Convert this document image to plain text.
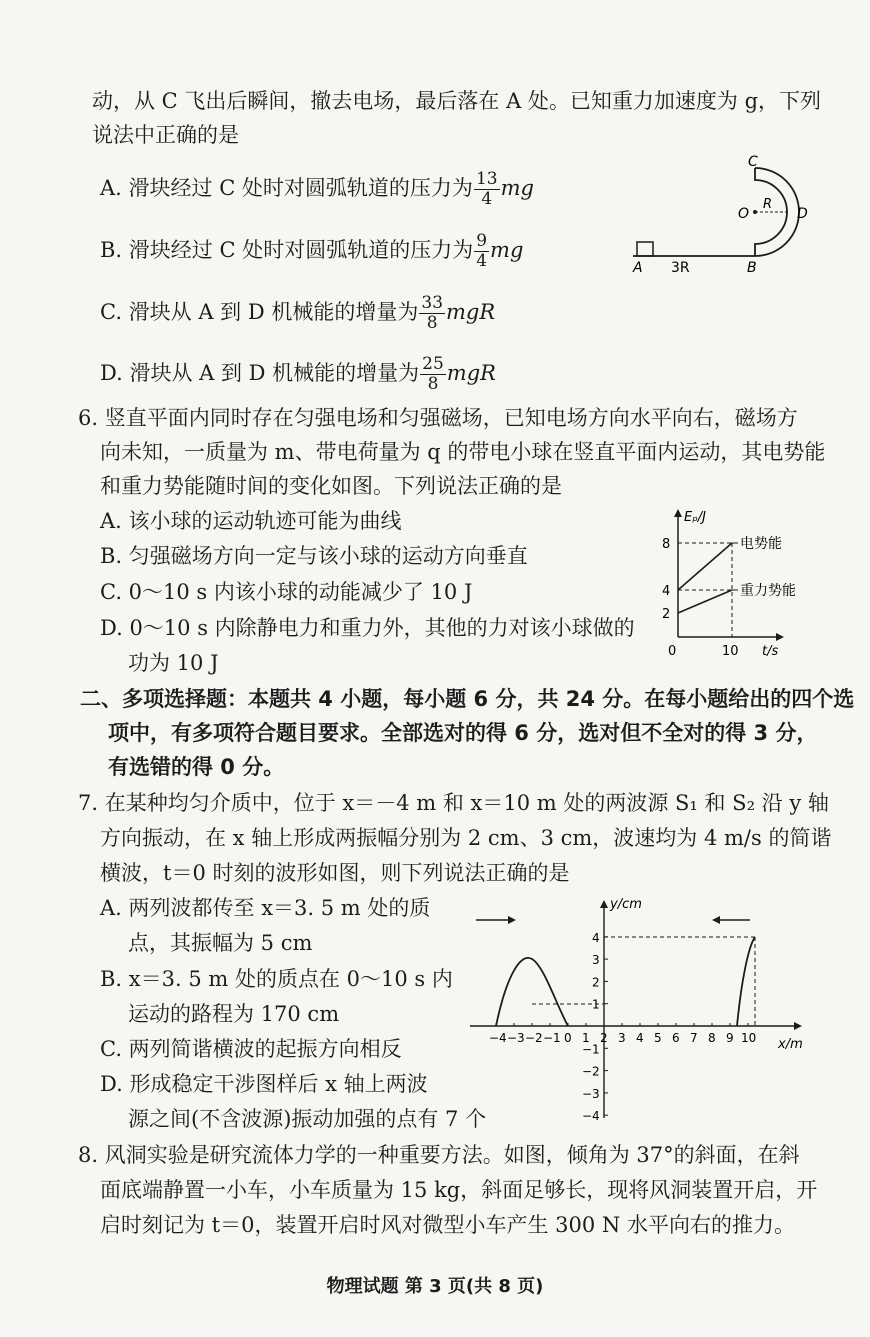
动，从 C 飞出后瞬间，撤去电场，最后落在 A 处。已知重力加速度为 g，下列
说法中正确的是
A. 滑块经过 C 处时对圆弧轨道的压力为 $\frac{13}{4}$ mg
B. 滑块经过 C 处时对圆弧轨道的压力为 $\frac{9}{4}$ mg
C. 滑块从 A 到 D 机械能的增量为 $\frac{33}{8}$ mgR
D. 滑块从 A 到 D 机械能的增量为 $\frac{25}{8}$ mgR
C
O
R
D
A	B
3R
6. 竖直平面内同时存在匀强电场和匀强磁场，已知电场方向水平向右，磁场方
向未知，一质量为 m、带电荷量为 q 的带电小球在竖直平面内运动，其电势能
和重力势能随时间的变化如图。下列说法正确的是
A. 该小球的运动轨迹可能为曲线
B. 匀强磁场方向一定与该小球的运动方向垂直
C. 0～10 s 内该小球的动能减少了 10 J
D. 0～10 s 内除静电力和重力外，其他的力对该小球做的
功为 10 J
Eₚ/J
t/s
8
4
2
0	10
电势能
重力势能
二、多项选择题：本题共 4 小题，每小题 6 分，共 24 分。在每小题给出的四个选
项中，有多项符合题目要求。全部选对的得 6 分，选对但不全对的得 3 分，
有选错的得 0 分。
7. 在某种均匀介质中，位于 x＝－4 m 和 x＝10 m 处的两波源 S₁ 和 S₂ 沿 y 轴
方向振动，在 x 轴上形成两振幅分别为 2 cm、3 cm，波速均为 4 m/s 的简谐
横波，t＝0 时刻的波形如图，则下列说法正确的是
A. 两列波都传至 x＝3. 5 m 处的质
点，其振幅为 5 cm
B. x＝3. 5 m 处的质点在 0～10 s 内
运动的路程为 170 cm
C. 两列简谐横波的起振方向相反
D. 形成稳定干涉图样后 x 轴上两波
源之间(不含波源)振动加强的点有 7 个
−4 −3 −2 −1 0 1 2 3 4 5 6 7 8 9 10
4
3
2
1
−1
−2
−3
−4
y/cm
x/m
8. 风洞实验是研究流体力学的一种重要方法。如图，倾角为 37°的斜面，在斜
面底端静置一小车，小车质量为 15 kg，斜面足够长，现将风洞装置开启，开
启时刻记为 t＝0，装置开启时风对微型小车产生 300 N 水平向右的推力。
物理试题 第 3 页(共 8 页)
